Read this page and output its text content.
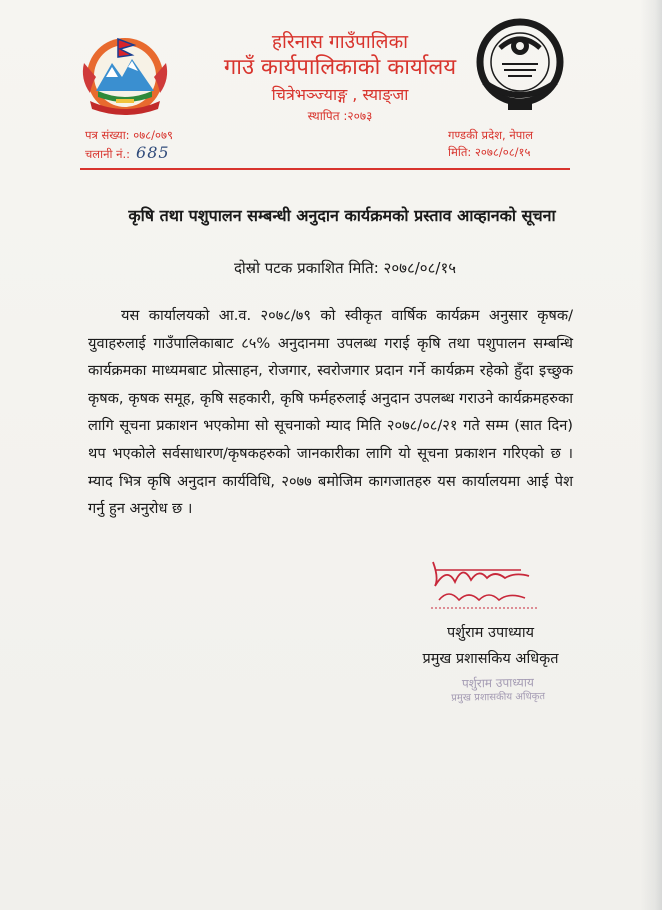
हरिनास गाउँपालिका
गाउँ कार्यपालिकाको कार्यालय
चित्रेभञ्ज्याङ्ग , स्याङ्जा
स्थापित :२०७३
पत्र संख्या: ०७८/०७९
चलानी नं.: 685
गण्डकी प्रदेश, नेपाल
मिति: २०७८/०८/१५
कृषि तथा पशुपालन सम्बन्धी अनुदान कार्यक्रमको प्रस्ताव आव्हानको सूचना
दोस्रो पटक प्रकाशित मिति: २०७८/०८/१५
यस कार्यालयको आ.व. २०७८/७९ को स्वीकृत वार्षिक कार्यक्रम अनुसार कृषक/युवाहरुलाई गाउँपालिकाबाट ८५% अनुदानमा उपलब्ध गराई कृषि तथा पशुपालन सम्बन्धि कार्यक्रमका माध्यमबाट प्रोत्साहन, रोजगार, स्वरोजगार प्रदान गर्ने कार्यक्रम रहेको हुँदा इच्छुक कृषक, कृषक समूह, कृषि सहकारी, कृषि फर्महरुलाई अनुदान उपलब्ध गराउने कार्यक्रमहरुका लागि सूचना प्रकाशन भएकोमा सो सूचनाको म्याद मिति २०७८/०८/२१ गते सम्म (सात दिन) थप भएकोले सर्वसाधारण/कृषकहरुको जानकारीका लागि यो सूचना प्रकाशन गरिएको छ । म्याद भित्र कृषि अनुदान कार्यविधि, २०७७ बमोजिम कागजातहरु यस कार्यालयमा आई पेश गर्नु हुन अनुरोध छ ।
पर्शुराम उपाध्याय
प्रमुख प्रशासकिय अधिकृत
पर्शुराम उपाध्याय
प्रमुख प्रशासकीय अधिकृत
